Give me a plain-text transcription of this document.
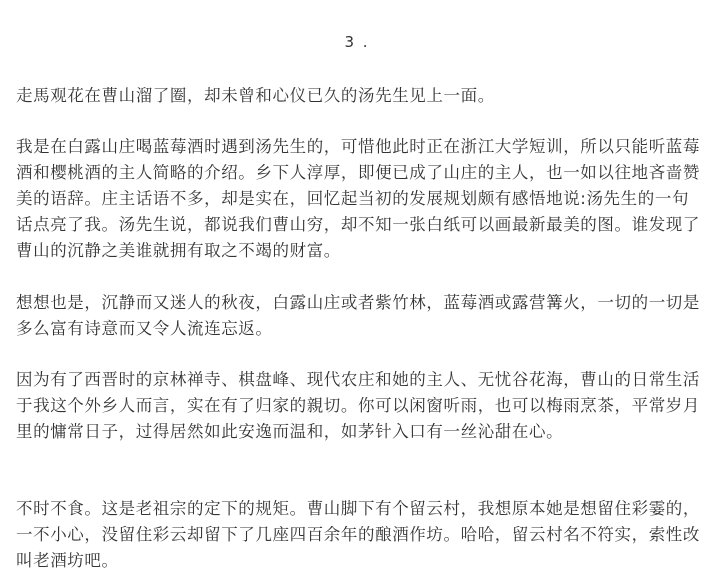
3 .

走馬观花在曹山溜了圈，却未曾和心仪已久的汤先生见上一面。

我是在白露山庄喝蓝莓酒时遇到汤先生的，可惜他此时正在浙江大学短训，所以只能听蓝莓酒和樱桃酒的主人简略的介绍。乡下人淳厚，即便已成了山庄的主人，也一如以往地吝啬赞美的语辞。庄主话语不多，却是实在，回忆起当初的发展规划颇有感悟地说:汤先生的一句话点亮了我。汤先生说，都说我们曹山穷，却不知一张白纸可以画最新最美的图。谁发现了曹山的沉静之美谁就拥有取之不竭的财富。

想想也是，沉静而又迷人的秋夜，白露山庄或者紫竹林，蓝莓酒或露营篝火，一切的一切是多么富有诗意而又令人流连忘返。

因为有了西晋时的京林禅寺、棋盘峰、现代农庄和她的主人、无忧谷花海，曹山的日常生活于我这个外乡人而言，实在有了归家的親切。你可以闲窗听雨，也可以梅雨烹茶，平常岁月里的慵常日子，过得居然如此安逸而温和，如茅针入口有一丝沁甜在心。

不时不食。这是老祖宗的定下的规矩。曹山脚下有个留云村，我想原本她是想留住彩霎的，一不小心，没留住彩云却留下了几座四百余年的酿酒作坊。哈哈，留云村名不符实，索性改叫老酒坊吧。
